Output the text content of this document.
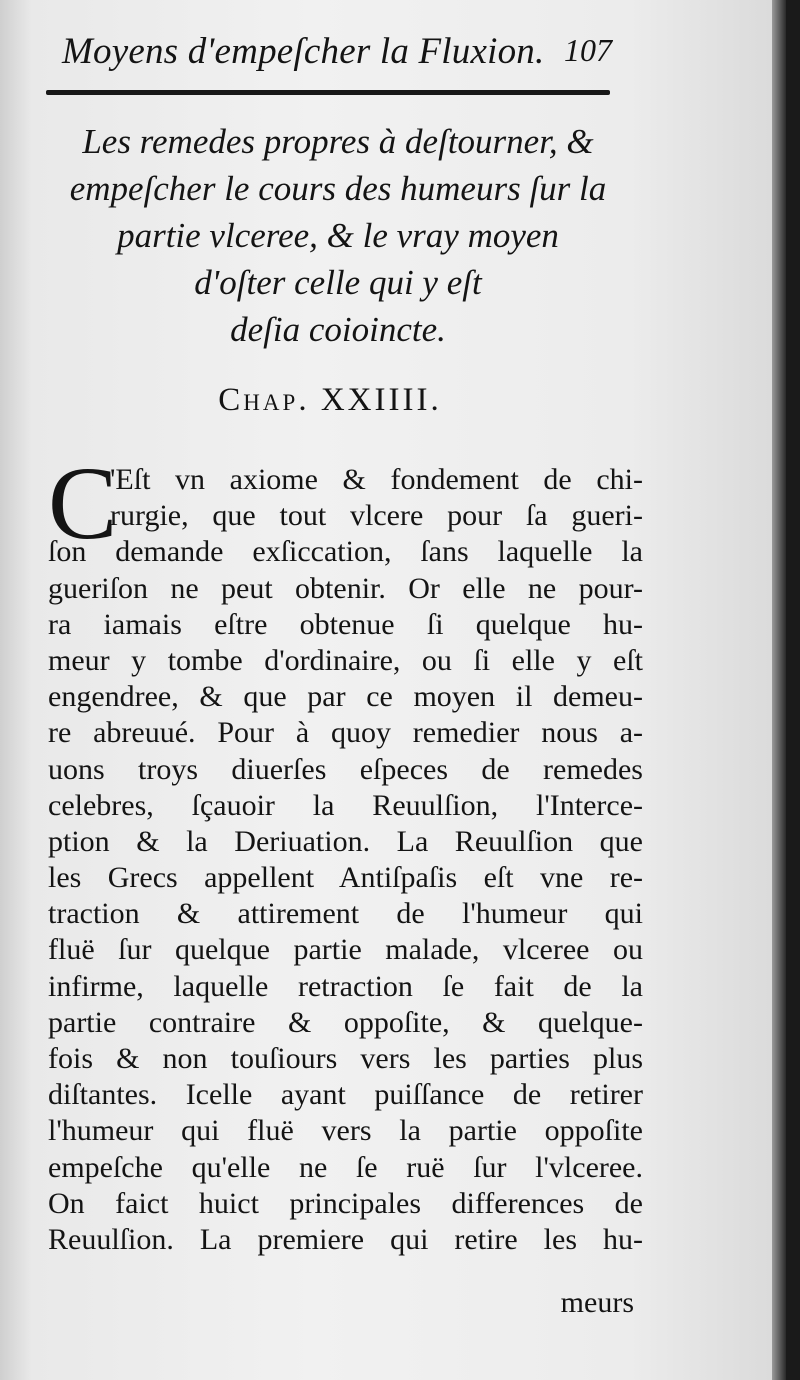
Moyens d'empeſcher la Fluxion. 107
Les remedes propres à deſtourner, &
empeſcher le cours des humeurs ſur la
partie vlceree, & le vray moyen
d'oſter celle qui y eſt
deſia coioincte.
Chap. XXIIII.
C
'Eſt vn axiome & fondement de chi-
rurgie, que tout vlcere pour ſa gueri-
ſon demande exſiccation, ſans laquelle la
gueriſon ne peut obtenir. Or elle ne pour-
ra iamais eſtre obtenue ſi quelque hu-
meur y tombe d'ordinaire, ou ſi elle y eſt
engendree, & que par ce moyen il demeu-
re abreuué. Pour à quoy remedier nous a-
uons troys diuerſes eſpeces de remedes
celebres, ſçauoir la Reuulſion, l'Interce-
ption & la Deriuation. La Reuulſion que
les Grecs appellent Antiſpaſis eſt vne re-
traction & attirement de l'humeur qui
fluë ſur quelque partie malade, vlceree ou
infirme, laquelle retraction ſe fait de la
partie contraire & oppoſite, & quelque-
fois & non touſiours vers les parties plus
diſtantes. Icelle ayant puiſſance de retirer
l'humeur qui fluë vers la partie oppoſite
empeſche qu'elle ne ſe ruë ſur l'vlceree.
On faict huict principales differences de
Reuulſion. La premiere qui retire les hu-
meurs
